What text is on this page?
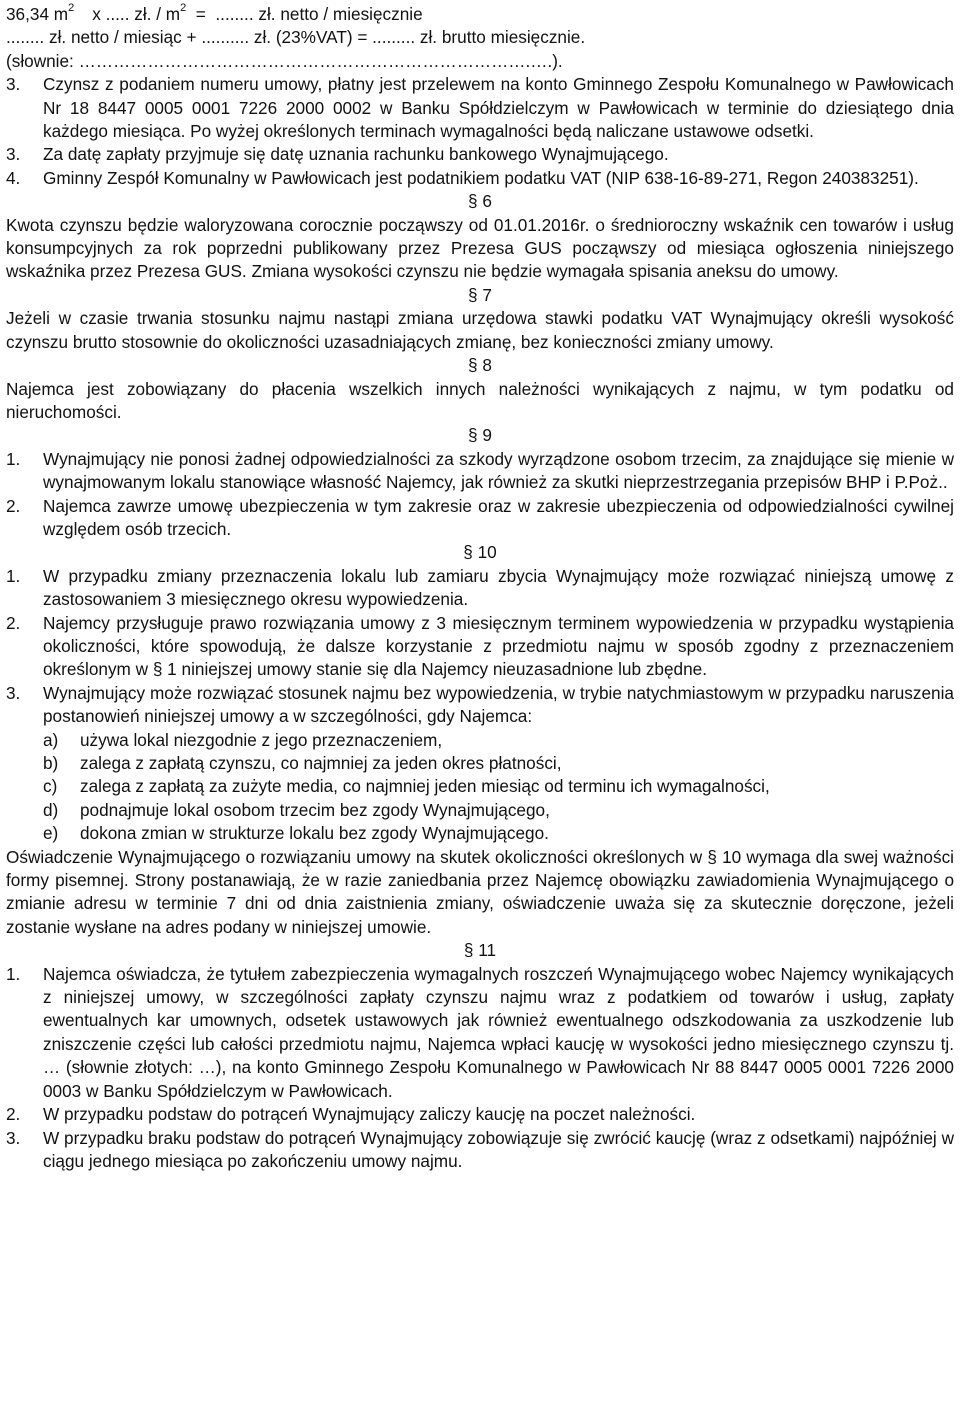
36,34 $m^2$ x ..... zł. / $m^2$ = ........ zł. netto / miesięcznie

........ zł. netto / miesiąc + .......... zł. (23%VAT) = ......... zł. brutto miesięcznie.

(słownie: …………………………………………………………………….….).

3. Czynsz z podaniem numeru umowy, płatny jest przelewem na konto Gminnego Zespołu Komunalnego w Pawłowicach Nr 18 8447 0005 0001 7226 2000 0002 w Banku Spółdzielczym w Pawłowicach w terminie do dziesiątego dnia każdego miesiąca. Po wyżej określonych terminach wymagalności będą naliczane ustawowe odsetki.
3. Za datę zapłaty przyjmuje się datę uznania rachunku bankowego Wynajmującego.
4. Gminny Zespół Komunalny w Pawłowicach jest podatnikiem podatku VAT (NIP 638-16-89-271, Regon 240383251).

§ 6

Kwota czynszu będzie waloryzowana corocznie począwszy od 01.01.2016r. o średnioroczny wskaźnik cen towarów i usług konsumpcyjnych za rok poprzedni publikowany przez Prezesa GUS począwszy od miesiąca ogłoszenia niniejszego wskaźnika przez Prezesa GUS. Zmiana wysokości czynszu nie będzie wymagała spisania aneksu do umowy.

§ 7

Jeżeli w czasie trwania stosunku najmu nastąpi zmiana urzędowa stawki podatku VAT Wynajmujący określi wysokość czynszu brutto stosownie do okoliczności uzasadniających zmianę, bez konieczności zmiany umowy.

§ 8

Najemca jest zobowiązany do płacenia wszelkich innych należności wynikających z najmu, w tym podatku od nieruchomości.

§ 9

1. Wynajmujący nie ponosi żadnej odpowiedzialności za szkody wyrządzone osobom trzecim, za znajdujące się mienie w wynajmowanym lokalu stanowiące własność Najemcy, jak również za skutki nieprzestrzegania przepisów BHP i P.Poż..
2. Najemca zawrze umowę ubezpieczenia w tym zakresie oraz w zakresie ubezpieczenia od odpowiedzialności cywilnej względem osób trzecich.

§ 10

1. W przypadku zmiany przeznaczenia lokalu lub zamiaru zbycia Wynajmujący może rozwiązać niniejszą umowę z zastosowaniem 3 miesięcznego okresu wypowiedzenia.
2. Najemcy przysługuje prawo rozwiązania umowy z 3 miesięcznym terminem wypowiedzenia w przypadku wystąpienia okoliczności, które spowodują, że dalsze korzystanie z przedmiotu najmu w sposób zgodny z przeznaczeniem określonym w § 1 niniejszej umowy stanie się dla Najemcy nieuzasadnione lub zbędne.
3. Wynajmujący może rozwiązać stosunek najmu bez wypowiedzenia, w trybie natychmiastowym w przypadku naruszenia postanowień niniejszej umowy a w szczególności, gdy Najemca:
a) używa lokal niezgodnie z jego przeznaczeniem,
b) zalega z zapłatą czynszu, co najmniej za jeden okres płatności,
c) zalega z zapłatą za zużyte media, co najmniej jeden miesiąc od terminu ich wymagalności,
d) podnajmuje lokal osobom trzecim bez zgody Wynajmującego,
e) dokona zmian w strukturze lokalu bez zgody Wynajmującego.

Oświadczenie Wynajmującego o rozwiązaniu umowy na skutek okoliczności określonych w § 10 wymaga dla swej ważności formy pisemnej. Strony postanawiają, że w razie zaniedbania przez Najemcę obowiązku zawiadomienia Wynajmującego o zmianie adresu w terminie 7 dni od dnia zaistnienia zmiany, oświadczenie uważa się za skutecznie doręczone, jeżeli zostanie wysłane na adres podany w niniejszej umowie.

§ 11

1. Najemca oświadcza, że tytułem zabezpieczenia wymagalnych roszczeń Wynajmującego wobec Najemcy wynikających z niniejszej umowy, w szczególności zapłaty czynszu najmu wraz z podatkiem od towarów i usług, zapłaty ewentualnych kar umownych, odsetek ustawowych jak również ewentualnego odszkodowania za uszkodzenie lub zniszczenie części lub całości przedmiotu najmu, Najemca wpłaci kaucję w wysokości jedno miesięcznego czynszu tj. … (słownie złotych: …), na konto Gminnego Zespołu Komunalnego w Pawłowicach Nr 88 8447 0005 0001 7226 2000 0003 w Banku Spółdzielczym w Pawłowicach.
2. W przypadku podstaw do potrąceń Wynajmujący zaliczy kaucję na poczet należności.
3. W przypadku braku podstaw do potrąceń Wynajmujący zobowiązuje się zwrócić kaucję (wraz z odsetkami) najpóźniej w ciągu jednego miesiąca po zakończeniu umowy najmu.
